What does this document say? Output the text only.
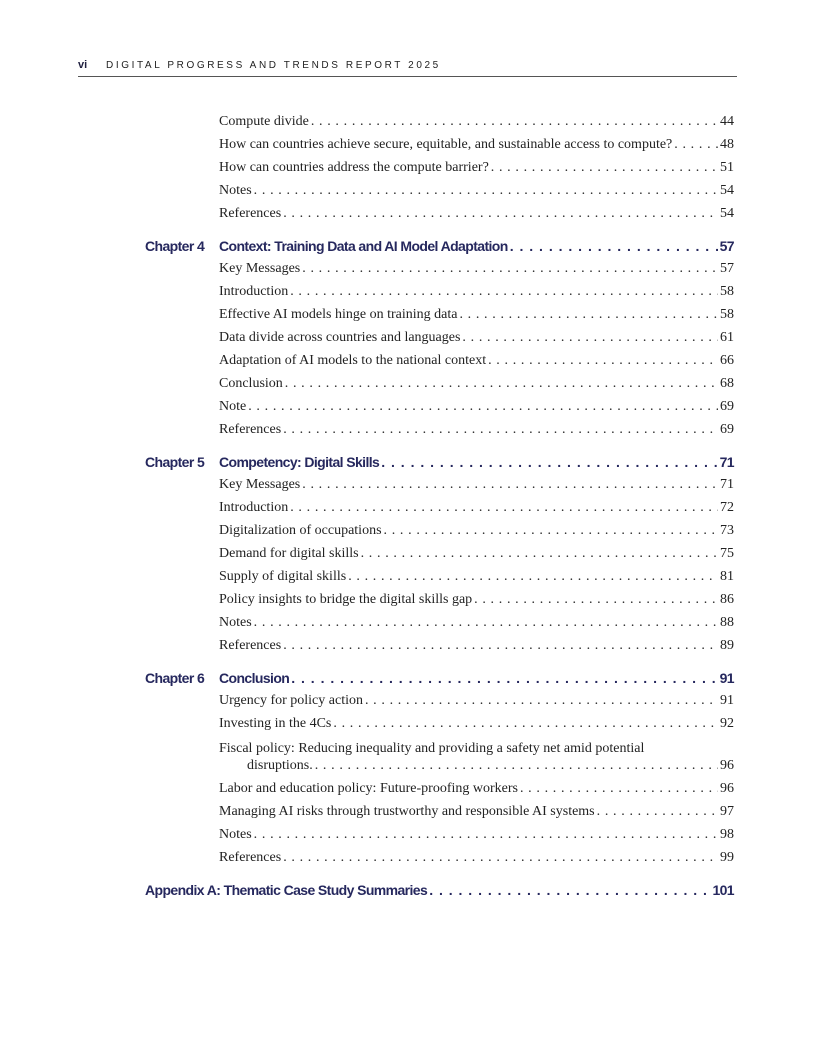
vi DIGITAL PROGRESS AND TRENDS REPORT 2025
Compute divide . . .	44
How can countries achieve secure, equitable, and sustainable access to compute? . . .	48
How can countries address the compute barrier? . . .	51
Notes . . .	54
References . . .	54
Chapter 4	Context: Training Data and AI Model Adaptation . . .	57
Key Messages . . .	57
Introduction . . .	58
Effective AI models hinge on training data . . .	58
Data divide across countries and languages . . .	61
Adaptation of AI models to the national context . . .	66
Conclusion . . .	68
Note . . .	69
References . . .	69
Chapter 5	Competency: Digital Skills . . .	71
Key Messages . . .	71
Introduction . . .	72
Digitalization of occupations . . .	73
Demand for digital skills . . .	75
Supply of digital skills . . .	81
Policy insights to bridge the digital skills gap . . .	86
Notes . . .	88
References . . .	89
Chapter 6	Conclusion . . .	91
Urgency for policy action . . .	91
Investing in the 4Cs . . .	92
Fiscal policy: Reducing inequality and providing a safety net amid potential
disruptions. . . .	96
Labor and education policy: Future-proofing workers . . .	96
Managing AI risks through trustworthy and responsible AI systems . . .	97
Notes . . .	98
References . . .	99
Appendix A: Thematic Case Study Summaries . . .	101
